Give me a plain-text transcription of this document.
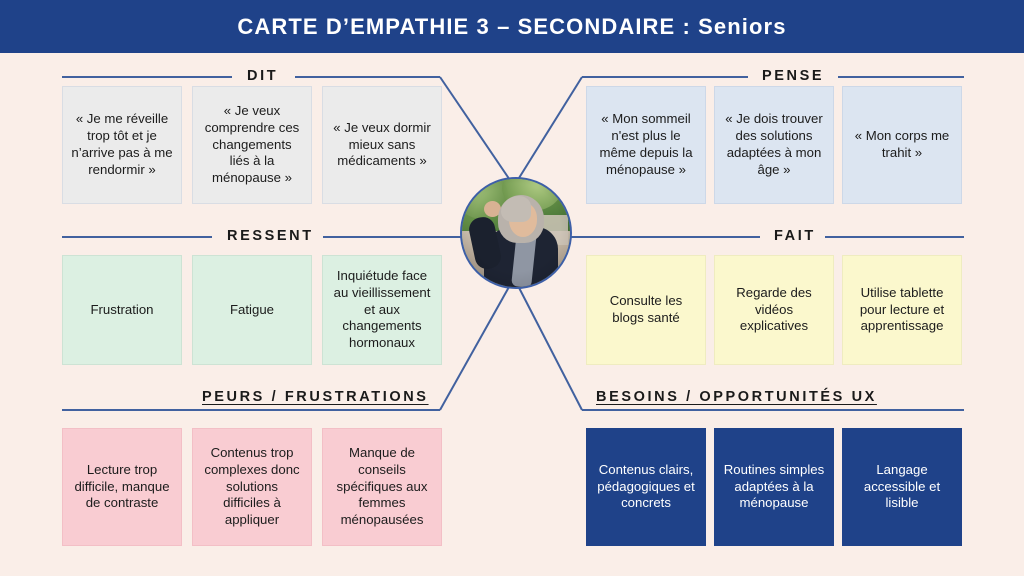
CARTE D’EMPATHIE 3 – SECONDAIRE : Seniors
DIT
« Je me réveille trop tôt et je n’arrive pas à me rendormir »
« Je veux comprendre ces changements liés à la ménopause »
« Je veux dormir mieux sans médicaments »
PENSE
« Mon sommeil n'est plus le même depuis la ménopause »
« Je dois trouver des solutions adaptées à mon âge »
« Mon corps me trahit »
RESSENT
Frustration	Fatigue
Inquiétude face au vieillissement et aux changements hormonaux
FAIT
Consulte les blogs santé
Regarde des vidéos explicatives
Utilise tablette pour lecture et apprentissage
PEURS / FRUSTRATIONS
Lecture trop difficile, manque de contraste
Contenus trop complexes donc solutions difficiles à appliquer
Manque de conseils spécifiques aux femmes ménopausées
BESOINS / OPPORTUNITÉS UX
Contenus clairs, pédagogiques et concrets
Routines simples adaptées à la ménopause
Langage accessible et lisible
